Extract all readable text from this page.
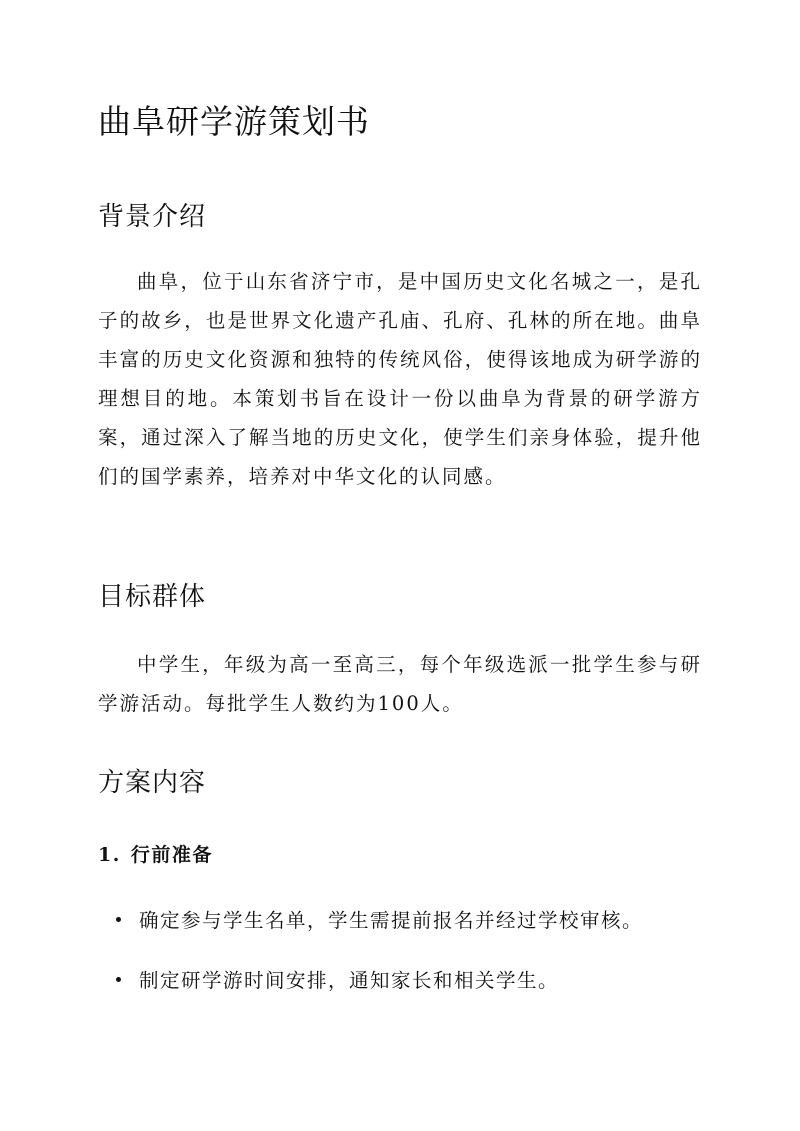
曲阜研学游策划书
背景介绍

曲阜，位于山东省济宁市，是中国历史文化名城之一，是孔子的故乡，也是世界文化遗产孔庙、孔府、孔林的所在地。曲阜丰富的历史文化资源和独特的传统风俗，使得该地成为研学游的理想目的地。本策划书旨在设计一份以曲阜为背景的研学游方案，通过深入了解当地的历史文化，使学生们亲身体验，提升他们的国学素养，培养对中华文化的认同感。

目标群体

中学生，年级为高一至高三，每个年级选派一批学生参与研学游活动。每批学生人数约为100人。

方案内容
1. 行前准备

确定参与学生名单，学生需提前报名并经过学校审核。

制定研学游时间安排，通知家长和相关学生。
